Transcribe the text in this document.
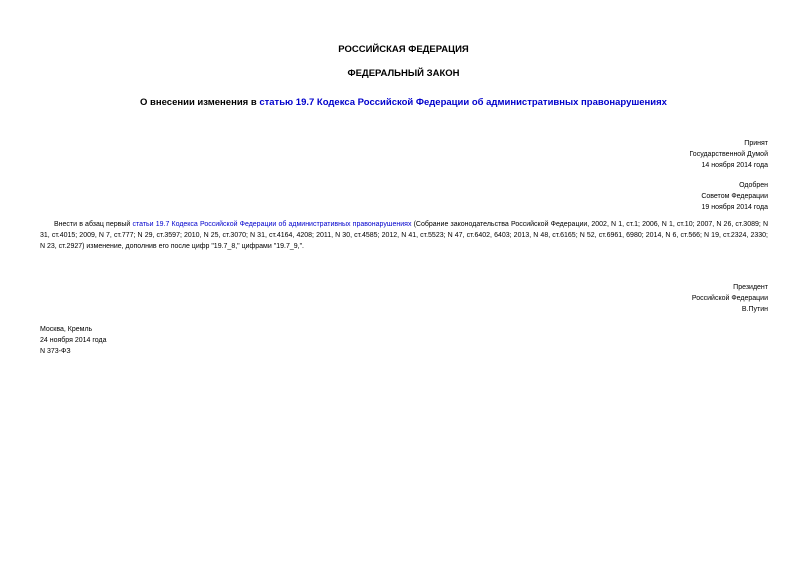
РОССИЙСКАЯ ФЕДЕРАЦИЯ
ФЕДЕРАЛЬНЫЙ ЗАКОН
О внесении изменения в статью 19.7 Кодекса Российской Федерации об административных правонарушениях
Принят
Государственной Думой
14 ноября 2014 года
Одобрен
Советом Федерации
19 ноября 2014 года
Внести в абзац первый статьи 19.7 Кодекса Российской Федерации об административных правонарушениях (Собрание законодательства Российской Федерации, 2002, N 1, ст.1; 2006, N 1, ст.10; 2007, N 26, ст.3089; N 31, ст.4015; 2009, N 7, ст.777; N 29, ст.3597; 2010, N 25, ст.3070; N 31, ст.4164, 4208; 2011, N 30, ст.4585; 2012, N 41, ст.5523; N 47, ст.6402, 6403; 2013, N 48, ст.6165; N 52, ст.6961, 6980; 2014, N 6, ст.566; N 19, ст.2324, 2330; N 23, ст.2927) изменение, дополнив его после цифр "19.7_8," цифрами "19.7_9,".
Президент
Российской Федерации
В.Путин
Москва, Кремль
24 ноября 2014 года
N 373-ФЗ
